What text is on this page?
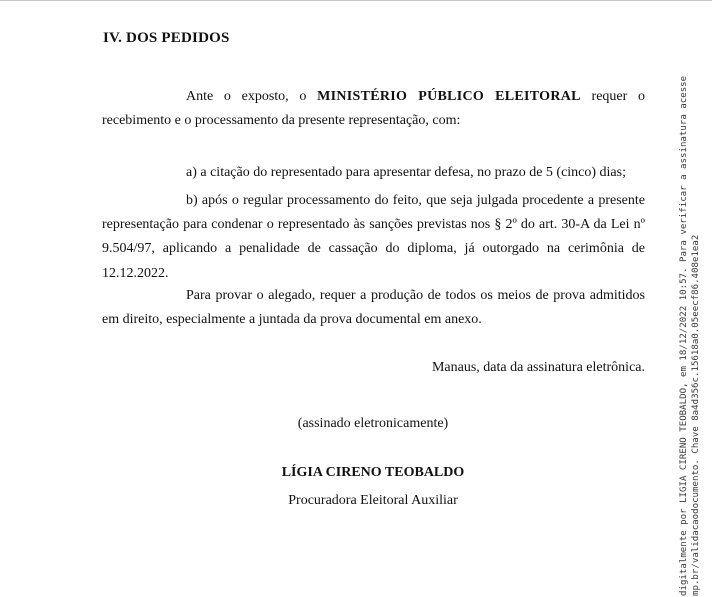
IV. DOS PEDIDOS

Ante o exposto, o MINISTÉRIO PÚBLICO ELEITORAL requer o recebimento e o processamento da presente representação, com:

a) a citação do representado para apresentar defesa, no prazo de 5 (cinco) dias;

b) após o regular processamento do feito, que seja julgada procedente a presente representação para condenar o representado às sanções previstas nos § 2º do art. 30-A da Lei nº 9.504/97, aplicando a penalidade de cassação do diploma, já outorgado na cerimônia de 12.12.2022.

Para provar o alegado, requer a produção de todos os meios de prova admitidos em direito, especialmente a juntada da prova documental em anexo.

Manaus, data da assinatura eletrônica.

(assinado eletronicamente)

LÍGIA CIRENO TEOBALDO

Procuradora Eleitoral Auxiliar	digitalmente por LIGIA CIRENO TEOBALDO, em 18/12/2022 10:57. Para verificar a assinatura acesse mp.br/validacaodocumento. Chave 8a4d356c.15618a0.05eecf86.408e1ea2
